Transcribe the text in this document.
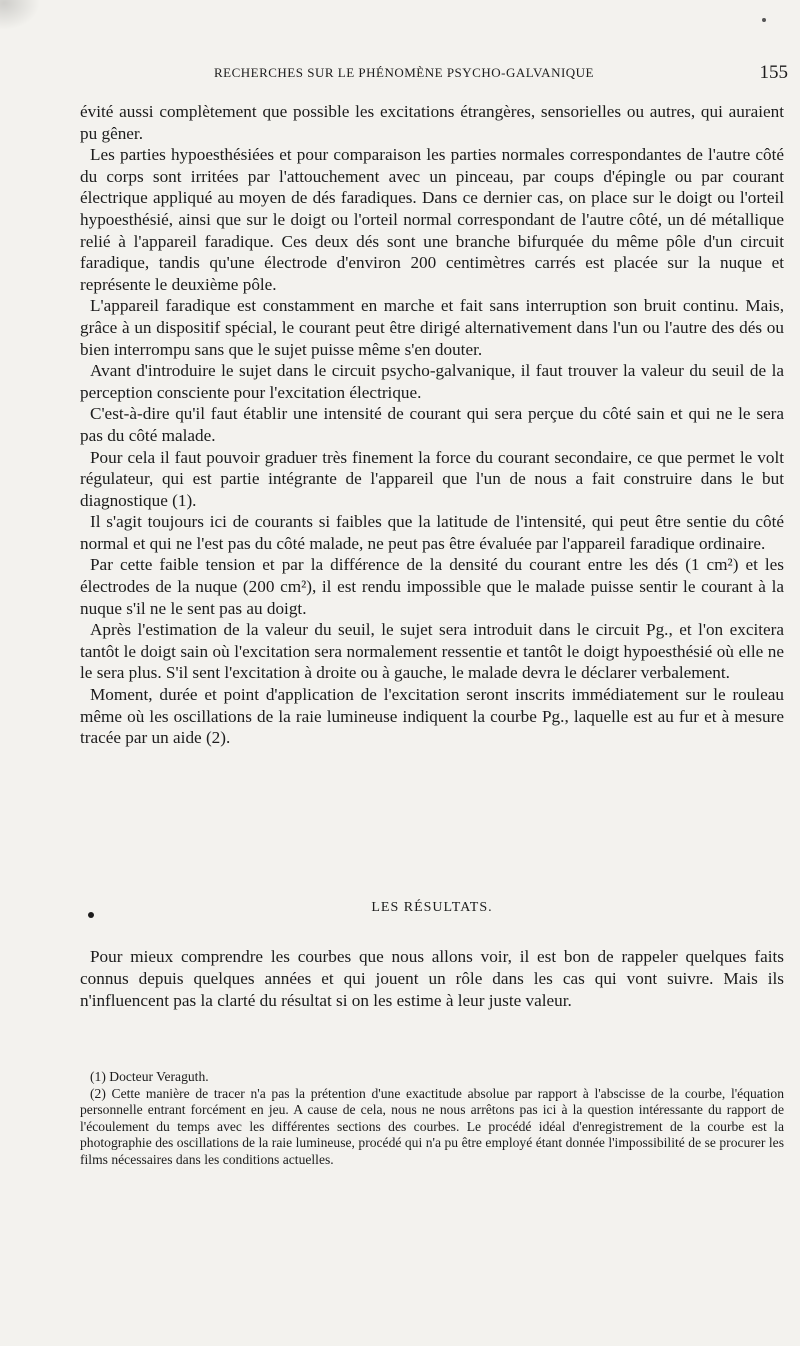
RECHERCHES SUR LE PHÉNOMÈNE PSYCHO-GALVANIQUE	155

évité aussi complètement que possible les excitations étrangères, sensorielles ou autres, qui auraient pu gêner.

Les parties hypoesthésiées et pour comparaison les parties normales correspondantes de l'autre côté du corps sont irritées par l'attouchement avec un pinceau, par coups d'épingle ou par courant électrique appliqué au moyen de dés faradiques. Dans ce dernier cas, on place sur le doigt ou l'orteil hypoesthésié, ainsi que sur le doigt ou l'orteil normal correspondant de l'autre côté, un dé métallique relié à l'appareil faradique. Ces deux dés sont une branche bifurquée du même pôle d'un circuit faradique, tandis qu'une électrode d'environ 200 centimètres carrés est placée sur la nuque et représente le deuxième pôle.

L'appareil faradique est constamment en marche et fait sans interruption son bruit continu. Mais, grâce à un dispositif spécial, le courant peut être dirigé alternativement dans l'un ou l'autre des dés ou bien interrompu sans que le sujet puisse même s'en douter.

Avant d'introduire le sujet dans le circuit psycho-galvanique, il faut trouver la valeur du seuil de la perception consciente pour l'excitation électrique.

C'est-à-dire qu'il faut établir une intensité de courant qui sera perçue du côté sain et qui ne le sera pas du côté malade.

Pour cela il faut pouvoir graduer très finement la force du courant secondaire, ce que permet le volt régulateur, qui est partie intégrante de l'appareil que l'un de nous a fait construire dans le but diagnostique (1).

Il s'agit toujours ici de courants si faibles que la latitude de l'intensité, qui peut être sentie du côté normal et qui ne l'est pas du côté malade, ne peut pas être évaluée par l'appareil faradique ordinaire.

Par cette faible tension et par la différence de la densité du courant entre les dés (1 cm²) et les électrodes de la nuque (200 cm²), il est rendu impossible que le malade puisse sentir le courant à la nuque s'il ne le sent pas au doigt.

Après l'estimation de la valeur du seuil, le sujet sera introduit dans le circuit Pg., et l'on excitera tantôt le doigt sain où l'excitation sera normalement ressentie et tantôt le doigt hypoesthésié où elle ne le sera plus. S'il sent l'excitation à droite ou à gauche, le malade devra le déclarer verbalement.

Moment, durée et point d'application de l'excitation seront inscrits immédiatement sur le rouleau même où les oscillations de la raie lumineuse indiquent la courbe Pg., laquelle est au fur et à mesure tracée par un aide (2).

LES RÉSULTATS.

Pour mieux comprendre les courbes que nous allons voir, il est bon de rappeler quelques faits connus depuis quelques années et qui jouent un rôle dans les cas qui vont suivre. Mais ils n'influencent pas la clarté du résultat si on les estime à leur juste valeur.

(1) Docteur Veraguth.

(2) Cette manière de tracer n'a pas la prétention d'une exactitude absolue par rapport à l'abscisse de la courbe, l'équation personnelle entrant forcément en jeu. A cause de cela, nous ne nous arrêtons pas ici à la question intéressante du rapport de l'écoulement du temps avec les différentes sections des courbes. Le procédé idéal d'enregistrement de la courbe est la photographie des oscillations de la raie lumineuse, procédé qui n'a pu être employé étant donnée l'impossibilité de se procurer les films nécessaires dans les conditions actuelles.
